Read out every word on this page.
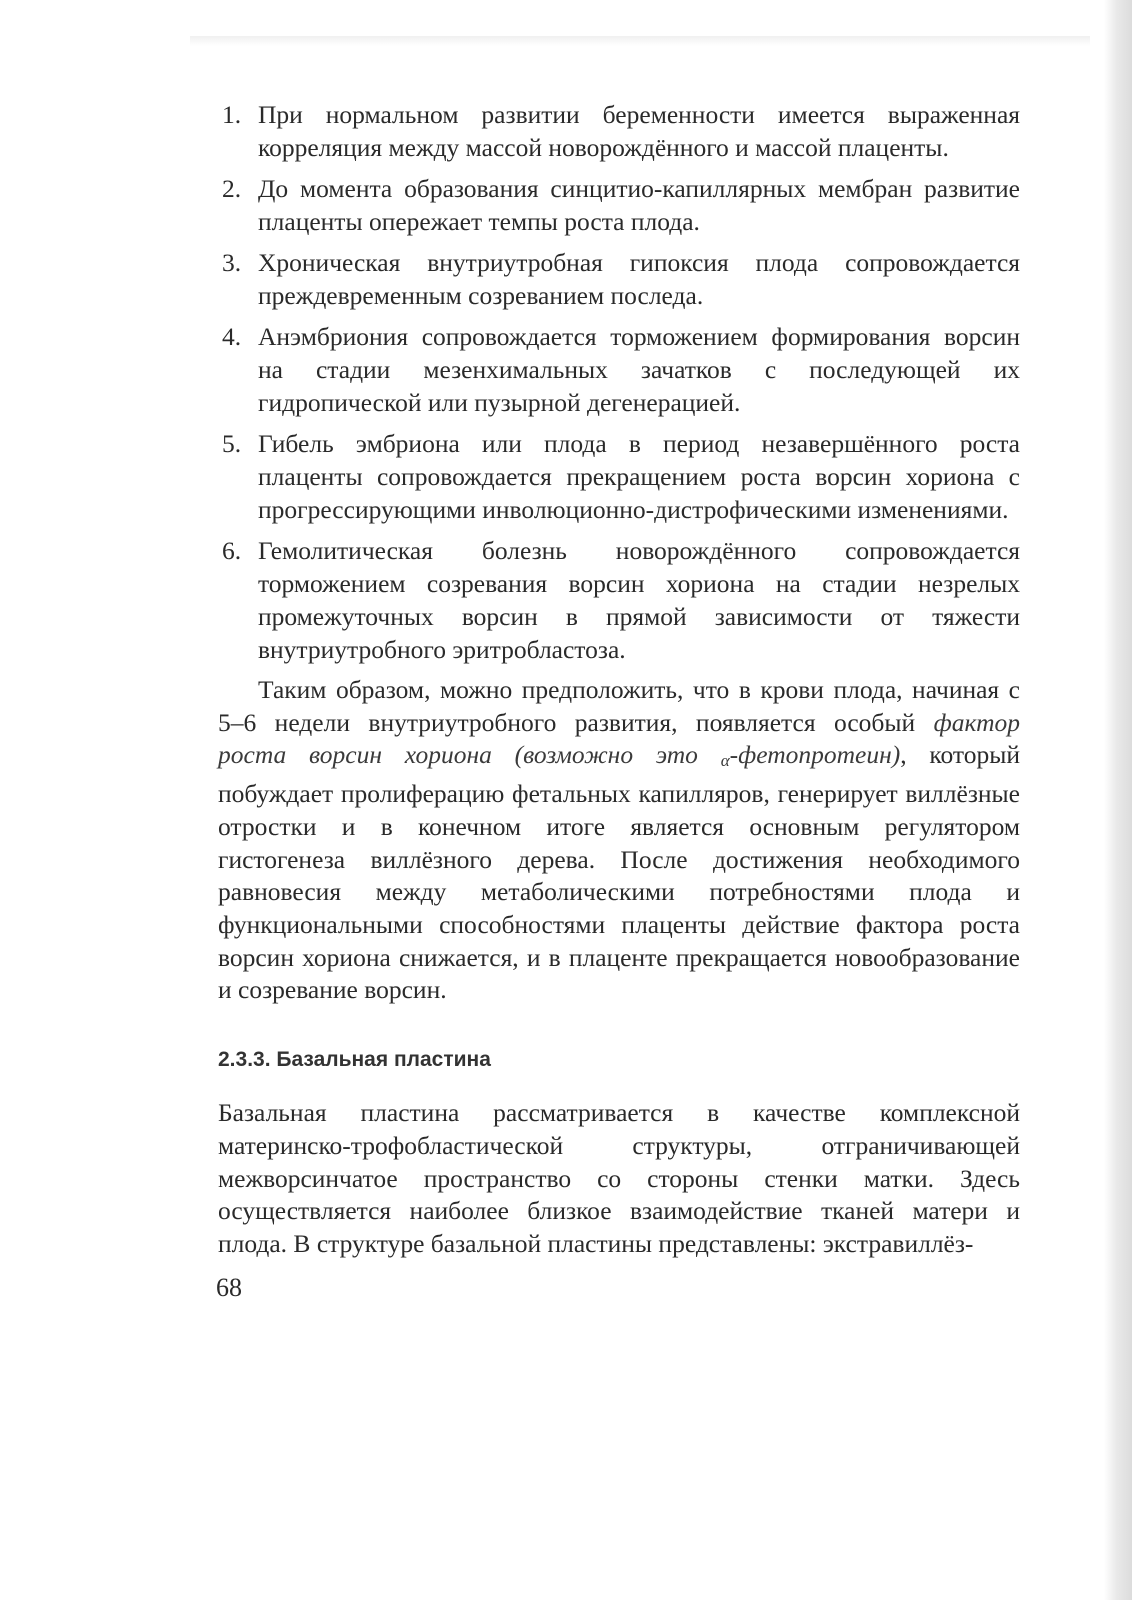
1. При нормальном развитии беременности имеется выраженная корреляция между массой новорождённого и массой плаценты.
2. До момента образования синцитио-капиллярных мембран развитие плаценты опережает темпы роста плода.
3. Хроническая внутриутробная гипоксия плода сопровождается преждевременным созреванием последа.
4. Анэмбриония сопровождается торможением формирования ворсин на стадии мезенхимальных зачатков с последующей их гидропической или пузырной дегенерацией.
5. Гибель эмбриона или плода в период незавершённого роста плаценты сопровождается прекращением роста ворсин хориона с прогрессирующими инволюционно-дистрофическими изменениями.
6. Гемолитическая болезнь новорождённого сопровождается торможением созревания ворсин хориона на стадии незрелых промежуточных ворсин в прямой зависимости от тяжести внутриутробного эритробластоза.

Таким образом, можно предположить, что в крови плода, начиная с 5–6 недели внутриутробного развития, появляется особый фактор роста ворсин хориона (возможно это $_\alpha$-фетопротеин), который побуждает пролиферацию фетальных капилляров, генерирует виллёзные отростки и в конечном итоге является основным регулятором гистогенеза виллёзного дерева. После достижения необходимого равновесия между метаболическими потребностями плода и функциональными способностями плаценты действие фактора роста ворсин хориона снижается, и в плаценте прекращается новообразование и созревание ворсин.

2.3.3. Базальная пластина

Базальная пластина рассматривается в качестве комплексной материнско-трофобластической структуры, отграничивающей межворсинчатое пространство со стороны стенки матки. Здесь осуществляется наиболее близкое взаимодействие тканей матери и плода. В структуре базальной пластины представлены: экстравиллёз-

68
